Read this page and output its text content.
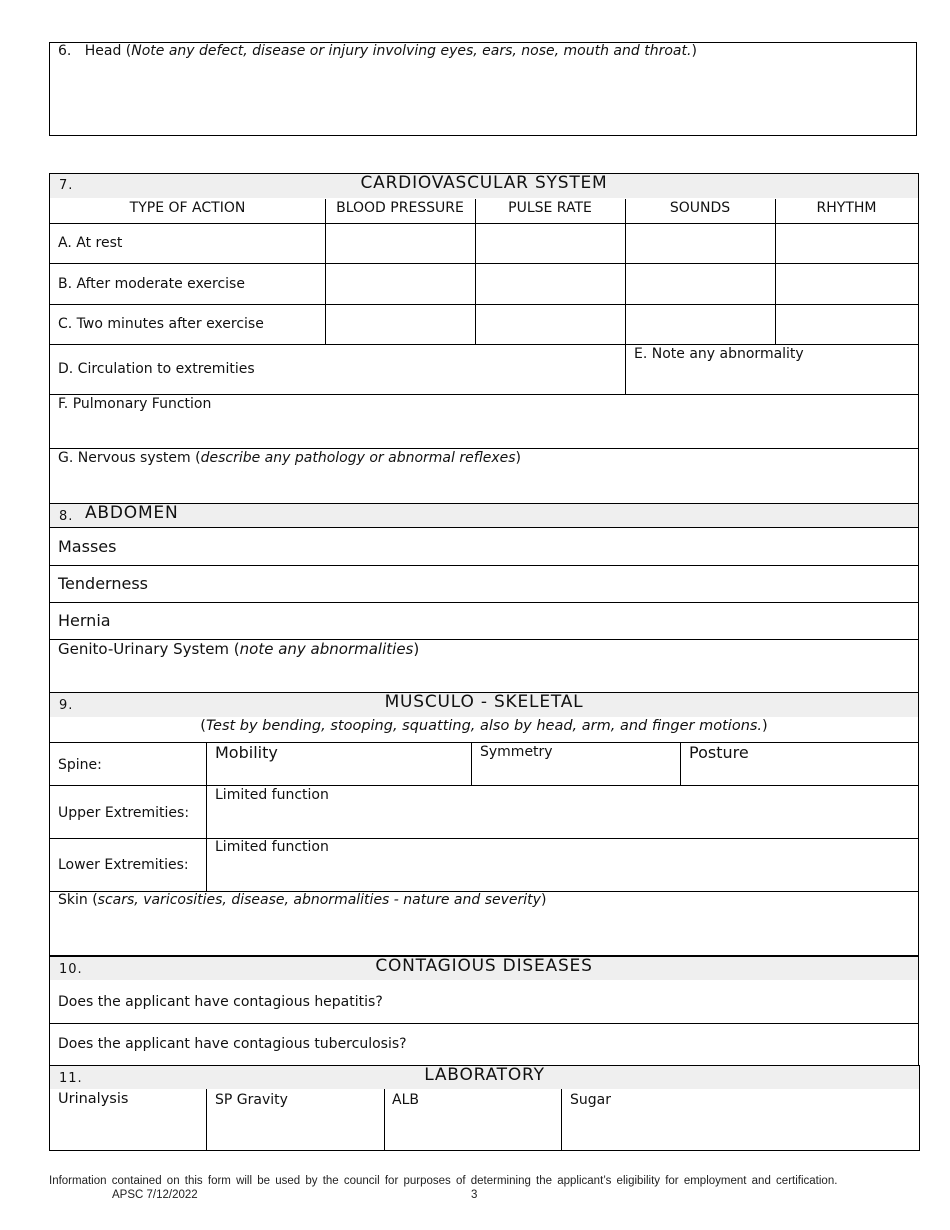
6. Head (Note any defect, disease or injury involving eyes, ears, nose, mouth and throat.)
7.	CARDIOVASCULAR SYSTEM
TYPE OF ACTION	BLOOD PRESSURE	PULSE RATE	SOUNDS	RHYTHM
A. At rest
B. After moderate exercise
C. Two minutes after exercise
D. Circulation to extremities
E. Note any abnormality
F. Pulmonary Function
G. Nervous system (describe any pathology or abnormal reflexes)
8. ABDOMEN
Masses
Tenderness
Hernia
Genito-Urinary System (note any abnormalities)
9.	MUSCULO - SKELETAL
(Test by bending, stooping, squatting, also by head, arm, and finger motions.)
Spine:
Mobility	Symmetry	Posture
Upper Extremities:
Limited function
Lower Extremities:
Limited function
Skin (scars, varicosities, disease, abnormalities - nature and severity)
10.	CONTAGIOUS DISEASES
Does the applicant have contagious hepatitis?
Does the applicant have contagious tuberculosis?
11.	LABORATORY
Urinalysis	SP Gravity	ALB	Sugar
Information contained on this form will be used by the council for purposes of determining the applicant’s eligibility for employment and certification.
APSC 7/12/2022	3
